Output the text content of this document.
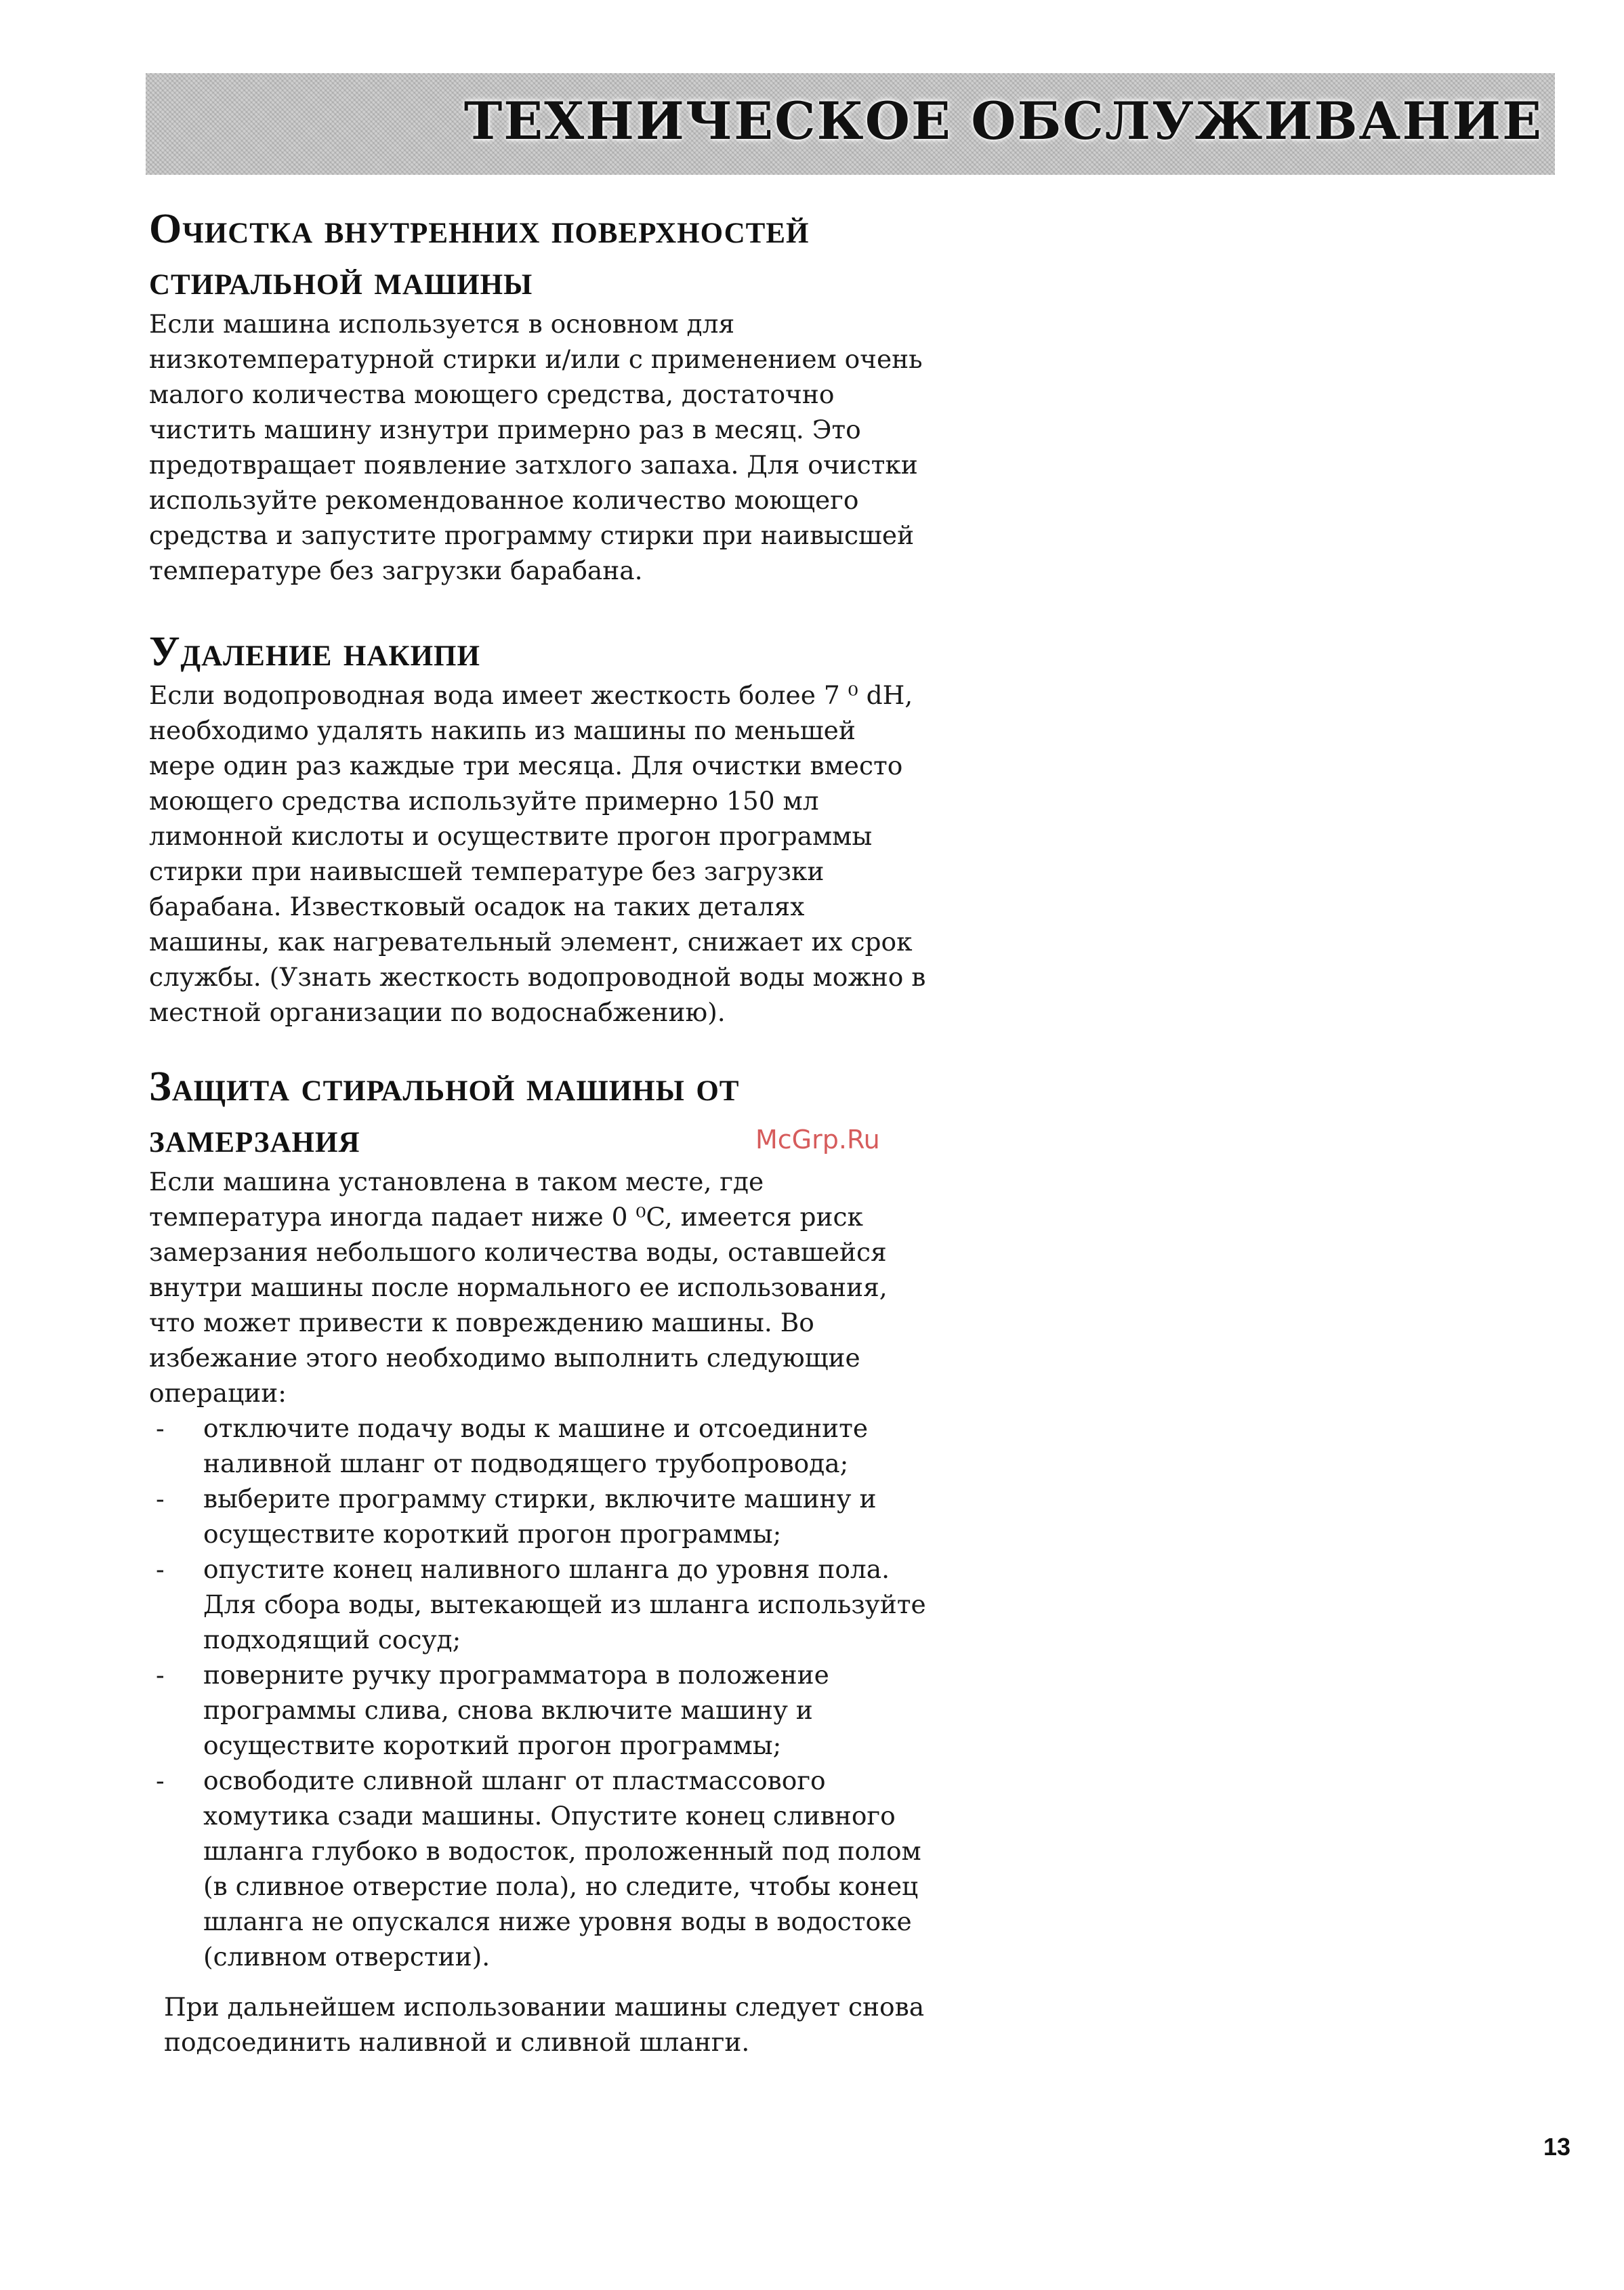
ТЕХНИЧЕСКОЕ ОБСЛУЖИВАНИЕ
Очистка внутренних поверхностей стиральной машины

Если машина используется в основном для низкотемпературной стирки и/или с применением очень малого количества моющего средства, достаточно чистить машину изнутри примерно раз в месяц. Это предотвращает появление затхлого запаха. Для очистки используйте рекомендованное количество моющего средства и запустите программу стирки при наивысшей температуре без загрузки барабана.

Удаление накипи

Если водопроводная вода имеет жесткость более 7 ⁰ dH, необходимо удалять накипь из машины по меньшей мере один раз каждые три месяца. Для очистки вместо моющего средства используйте примерно 150 мл лимонной кислоты и осуществите прогон программы стирки при наивысшей температуре без загрузки барабана. Известковый осадок на таких деталях машины, как нагревательный элемент, снижает их срок службы. (Узнать жесткость водопроводной воды можно в местной организации по водоснабжению).

Защита стиральной машины от замерзания

Если машина установлена в таком месте, где температура иногда падает ниже 0 ⁰C, имеется риск замерзания небольшого количества воды, оставшейся внутри машины после нормального ее использования, что может привести к повреждению машины. Во избежание этого необходимо выполнить следующие операции:

- отключите подачу воды к машине и отсоедините наливной шланг от подводящего трубопровода;
- выберите программу стирки, включите машину и осуществите короткий прогон программы;
- опустите конец наливного шланга до уровня пола. Для сбора воды, вытекающей из шланга используйте подходящий сосуд;
- поверните ручку программатора в положение программы слива, снова включите машину и осуществите короткий прогон программы;
- освободите сливной шланг от пластмассового хомутика сзади машины. Опустите конец сливного шланга глубоко в водосток, проложенный под полом (в сливное отверстие пола), но следите, чтобы конец шланга не опускался ниже уровня воды в водостоке (сливном отверстии).

При дальнейшем использовании машины следует снова подсоединить наливной и сливной шланги.

McGrp.Ru
13
